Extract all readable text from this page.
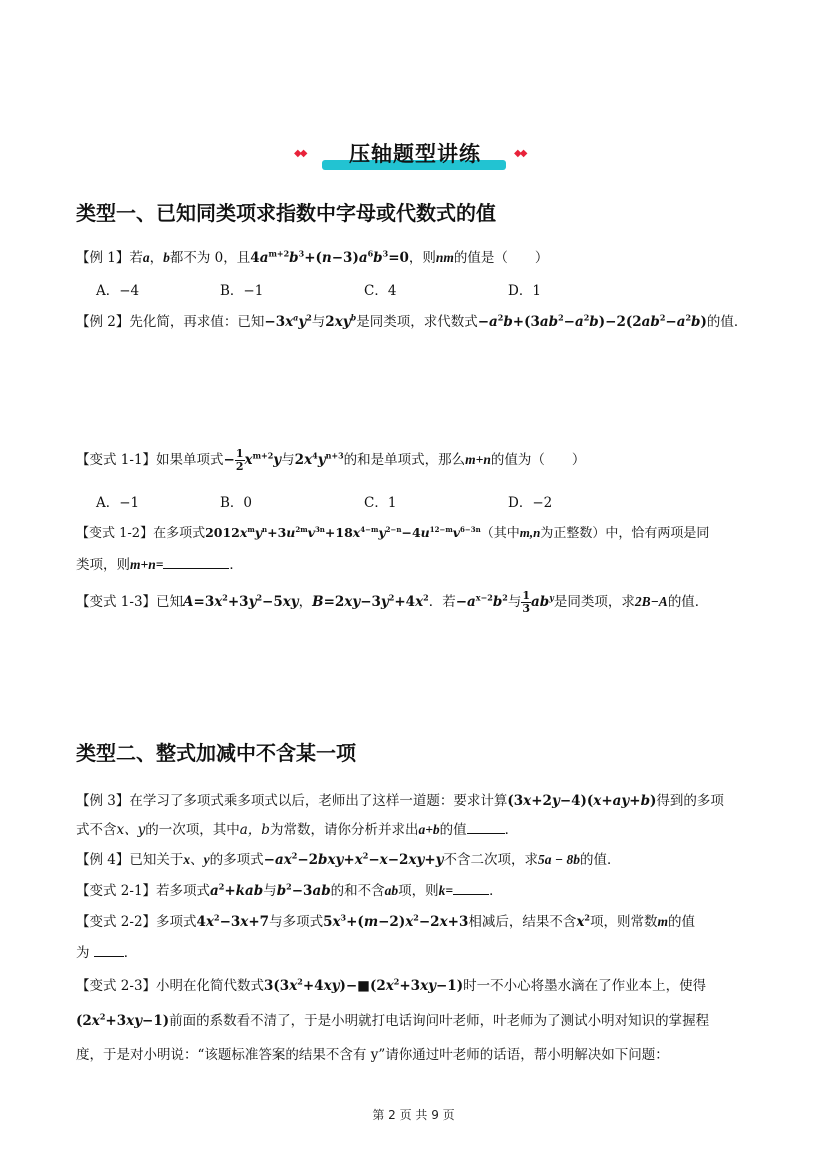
◆◆	压轴题型讲练	◆◆
类型一、已知同类项求指数中字母或代数式的值
【例 1】若a，b都不为 0，且$4a^{m+2}b^3+(n-3)a^6b^3=0$，则nm的值是（　　）
A．−4	B．−1	C．4	D．1
【例 2】先化简，再求值：已知$-3x^ay^2$与$2xy^b$是同类项，求代数式$-a^2b+(3ab^2-a^2b)-2(2ab^2-a^2b)$的值．
【变式 1-1】如果单项式− $\frac{1}{2} x^{m+2}y$与$2x^4y^{n+3}$的和是单项式，那么m+n的值为（　　）
A．−1	B．0	C．1	D．−2
【变式 1-2】在多项式$2012x^my^n+3u^{2m}v^{3n}+18x^{4-m}y^{2-n}-4u^{12-m}v^{6-3n}$（其中m,n为正整数）中，恰有两项是同
类项，则m+n=	．
【变式 1-3】已知$A=3x^2+3y^2-5xy$，$B=2xy-3y^2+4x^2$．若$-a^{x-2}b^2$与 $\frac{1}{3} ab^y$是同类项，求2B−A的值．
类型二、整式加减中不含某一项
【例 3】在学习了多项式乘多项式以后，老师出了这样一道题：要求计算(3x+2y−4)(x+ay+b)得到的多项
式不含x、y的一次项，其中a，b为常数，请你分析并求出a+b的值	．
【例 4】已知关于x、y的多项式$-ax^2-2bxy+x^2-x-2xy+y$不含二次项，求5a − 8b的值．
【变式 2-1】若多项式$a^2+kab$与$b^2-3ab$的和不含ab项，则k=	．
【变式 2-2】多项式$4x^2-3x+7$与多项式$5x^3+(m-2)x^2-2x+3$相减后，结果不含$x^2$项，则常数m的值
为	．
【变式 2-3】小明在化简代数式$3(3x^2+4xy)-■(2x^2+3xy-1)$时一不小心将墨水滴在了作业本上，使得
$(2x^2+3xy-1)$前面的系数看不清了，于是小明就打电话询问叶老师，叶老师为了测试小明对知识的掌握程
度，于是对小明说：“该题标准答案的结果不含有 y”请你通过叶老师的话语，帮小明解决如下问题：
第 2 页 共 9 页
